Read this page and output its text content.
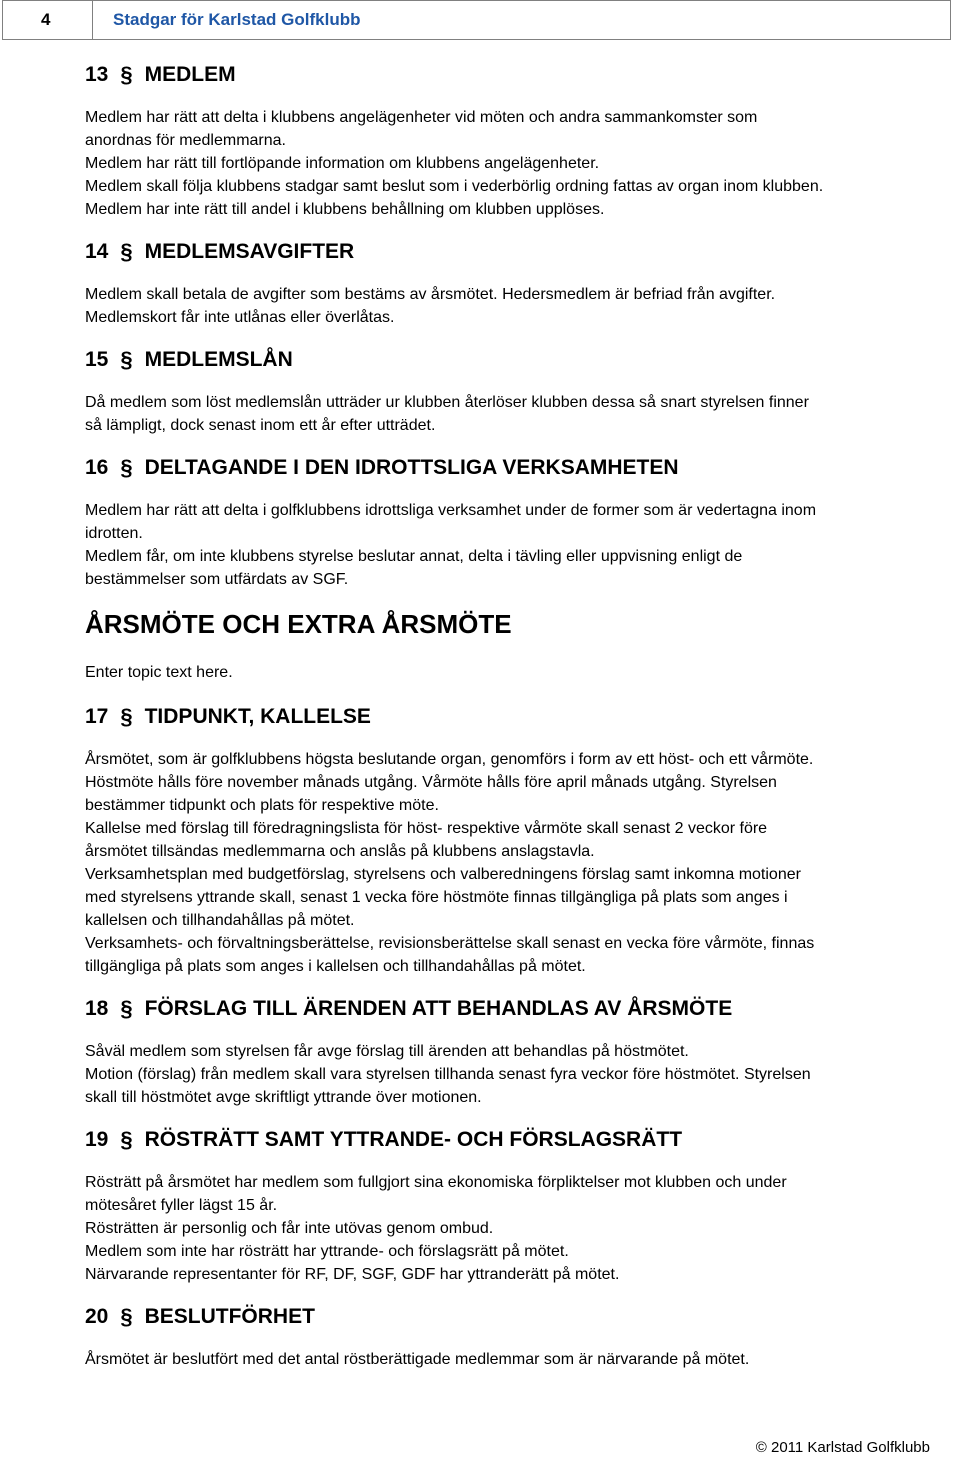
4	Stadgar för Karlstad Golfklubb
13 § MEDLEM

Medlem har rätt att delta i klubbens angelägenheter vid möten och andra sammankomster som

anordnas för medlemmarna.

Medlem har rätt till fortlöpande information om klubbens angelägenheter.

Medlem skall följa klubbens stadgar samt beslut som i vederbörlig ordning fattas av organ inom klubben.

Medlem har inte rätt till andel i klubbens behållning om klubben upplöses.

14 § MEDLEMSAVGIFTER

Medlem skall betala de avgifter som bestäms av årsmötet. Hedersmedlem är befriad från avgifter.

Medlemskort får inte utlånas eller överlåtas.

15 § MEDLEMSLÅN

Då medlem som löst medlemslån utträder ur klubben återlöser klubben dessa så snart styrelsen finner

så lämpligt, dock senast inom ett år efter utträdet.

16 § DELTAGANDE I DEN IDROTTSLIGA VERKSAMHETEN

Medlem har rätt att delta i golfklubbens idrottsliga verksamhet under de former som är vedertagna inom

idrotten.

Medlem får, om inte klubbens styrelse beslutar annat, delta i tävling eller uppvisning enligt de

bestämmelser som utfärdats av SGF.

ÅRSMÖTE OCH EXTRA ÅRSMÖTE

Enter topic text here.

17 § TIDPUNKT, KALLELSE

Årsmötet, som är golfklubbens högsta beslutande organ, genomförs i form av ett höst- och ett vårmöte.

Höstmöte hålls före november månads utgång. Vårmöte hålls före april månads utgång. Styrelsen

bestämmer tidpunkt och plats för respektive möte.

Kallelse med förslag till föredragningslista för höst- respektive vårmöte skall senast 2 veckor före

årsmötet tillsändas medlemmarna och anslås på klubbens anslagstavla.

Verksamhetsplan med budgetförslag, styrelsens och valberedningens förslag samt inkomna motioner

med styrelsens yttrande skall, senast 1 vecka före höstmöte finnas tillgängliga på plats som anges i

kallelsen och tillhandahållas på mötet.

Verksamhets- och förvaltningsberättelse, revisionsberättelse skall senast en vecka före vårmöte, finnas

tillgängliga på plats som anges i kallelsen och tillhandahållas på mötet.

18 § FÖRSLAG TILL ÄRENDEN ATT BEHANDLAS AV ÅRSMÖTE

Såväl medlem som styrelsen får avge förslag till ärenden att behandlas på höstmötet.

Motion (förslag) från medlem skall vara styrelsen tillhanda senast fyra veckor före höstmötet. Styrelsen

skall till höstmötet avge skriftligt yttrande över motionen.

19 § RÖSTRÄTT SAMT YTTRANDE- OCH FÖRSLAGSRÄTT

Rösträtt på årsmötet har medlem som fullgjort sina ekonomiska förpliktelser mot klubben och under

mötesåret fyller lägst 15 år.

Rösträtten är personlig och får inte utövas genom ombud.

Medlem som inte har rösträtt har yttrande- och förslagsrätt på mötet.

Närvarande representanter för RF, DF, SGF, GDF har yttranderätt på mötet.

20 § BESLUTFÖRHET

Årsmötet är beslutfört med det antal röstberättigade medlemmar som är närvarande på mötet.

© 2011 Karlstad Golfklubb
